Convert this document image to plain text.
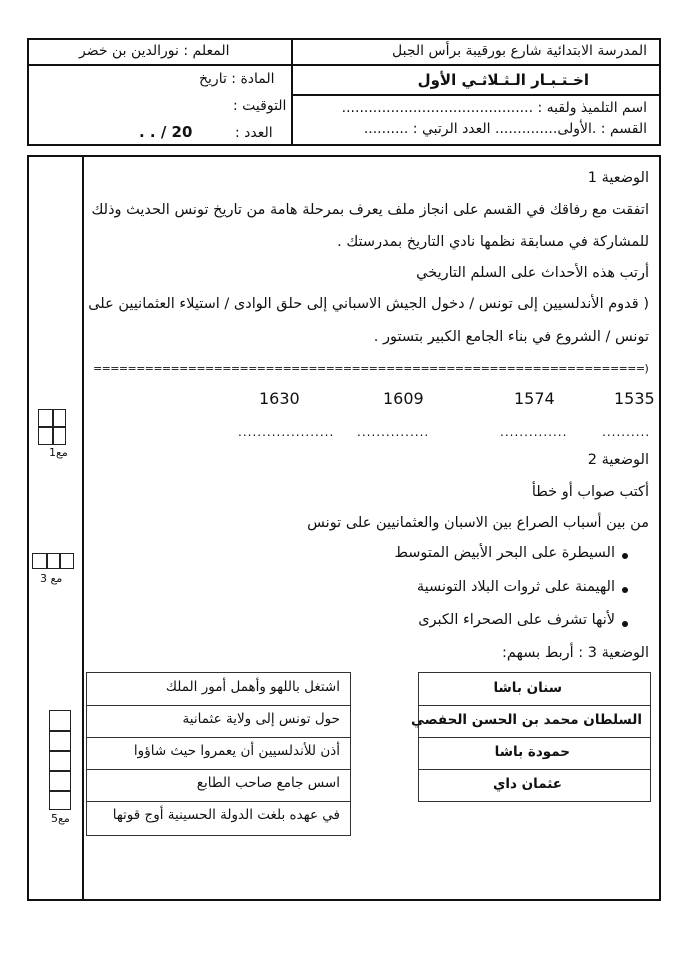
المدرسة الابتدائية شارع بورقيبة برأس الجبل
المعلم : نورالدين بن خضر
اخـتـبـار الـثـلاثـي الأول
المادة : تاريخ
اسم التلميذ ولقبه : ...........................................
التوقيت :
القسم : .الأولى.............. العدد الرتبي : ..........
العدد :
20 / . .
الوضعية 1
اتفقت مع رفاقك في القسم على انجاز ملف يعرف بمرحلة هامة من تاريخ تونس الحديث وذلك
للمشاركة في مسابقة نظمها نادي التاريخ بمدرستك .
أرتب هذه الأحداث على السلم التاريخي
( قدوم الأندلسيين إلى تونس / دخول الجيش الاسباني إلى حلق الوادى / استيلاء العثمانيين على
تونس / الشروع في بناء الجامع الكبير بتستور .
================================================================)
1535
1574
1609
1630
..........
..............
...............
....................
مع1	الوضعية 2
أكتب صواب أو خطأ
من بين أسباب الصراع بين الاسبان والعثمانيين على تونس
السيطرة على البحر الأبيض المتوسط
الهيمنة على ثروات البلاد التونسية
لأنها تشرف على الصحراء الكبرى
مع 3
الوضعية 3 : أربط بسهم:
سنان باشا
السلطان محمد بن الحسن الحفصي
حمودة باشا
عثمان داي
اشتغل باللهو وأهمل أمور الملك
حول تونس إلى ولاية عثمانية
أذن للأندلسيين أن يعمروا حيث شاؤوا
اسس جامع صاحب الطابع
في عهده بلغت الدولة الحسينية أوج قوتها
مع5
